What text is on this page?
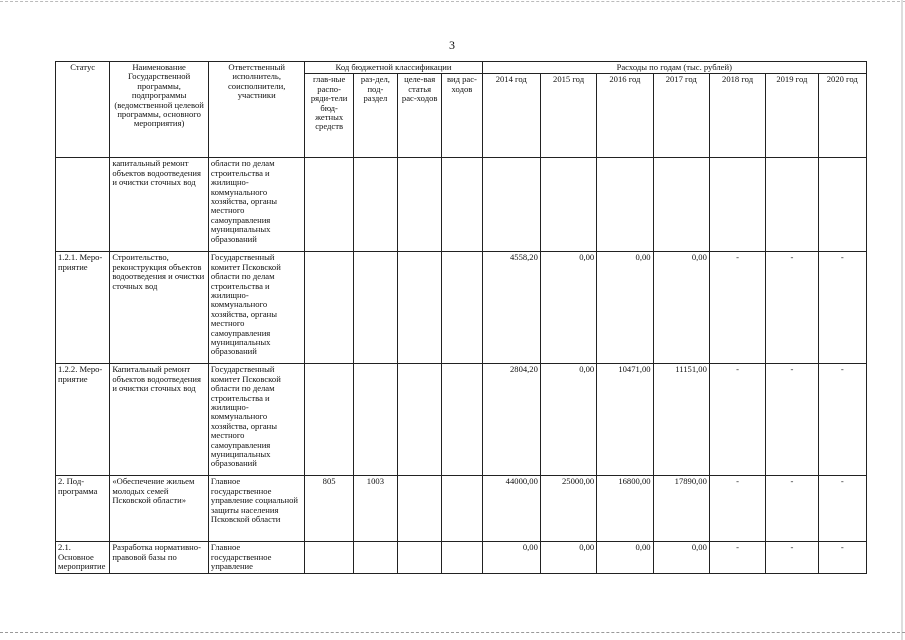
3
Статус	Наименование Государственной программы, подпрограммы (ведомственной целевой программы, основного мероприятия)	Ответственный исполнитель, соисполнители, участники	Код бюджетной классификации				Расходы по годам (тыс. рублей)						
			глав-ные распо-ряди-тели бюд-жетных средств	раз-дел, под-раздел	целе-вая статья рас-ходов	вид рас-ходов	2014 год	2015 год	2016 год	2017 год	2018 год	2019 год	2020 год
	капитальный ремонт объектов водоотведения и очистки сточных вод	области по делам строительства и жилищно-коммунального хозяйства, органы местного самоуправления муниципальных образований											
1.2.1. Меро-приятие	Строительство, реконструкция объектов водоотведения и очистки сточных вод	Государственный комитет Псковской области по делам строительства и жилищно-коммунального хозяйства, органы местного самоуправления муниципальных образований					4558,20	0,00	0,00	0,00	-	-	-
1.2.2. Меро-приятие	Капитальный ремонт объектов водоотведения и очистки сточных вод	Государственный комитет Псковской области по делам строительства и жилищно-коммунального хозяйства, органы местного самоуправления муниципальных образований					2804,20	0,00	10471,00	11151,00	-	-	-
2. Под-программа	«Обеспечение жильем молодых семей Псковской области»	Главное государственное управление социальной защиты населения Псковской области	805	1003			44000,00	25000,00	16800,00	17890,00	-	-	-
2.1. Основное мероприятие	Разработка нормативно-правовой базы по	Главное государственное управление					0,00	0,00	0,00	0,00	-	-	-
